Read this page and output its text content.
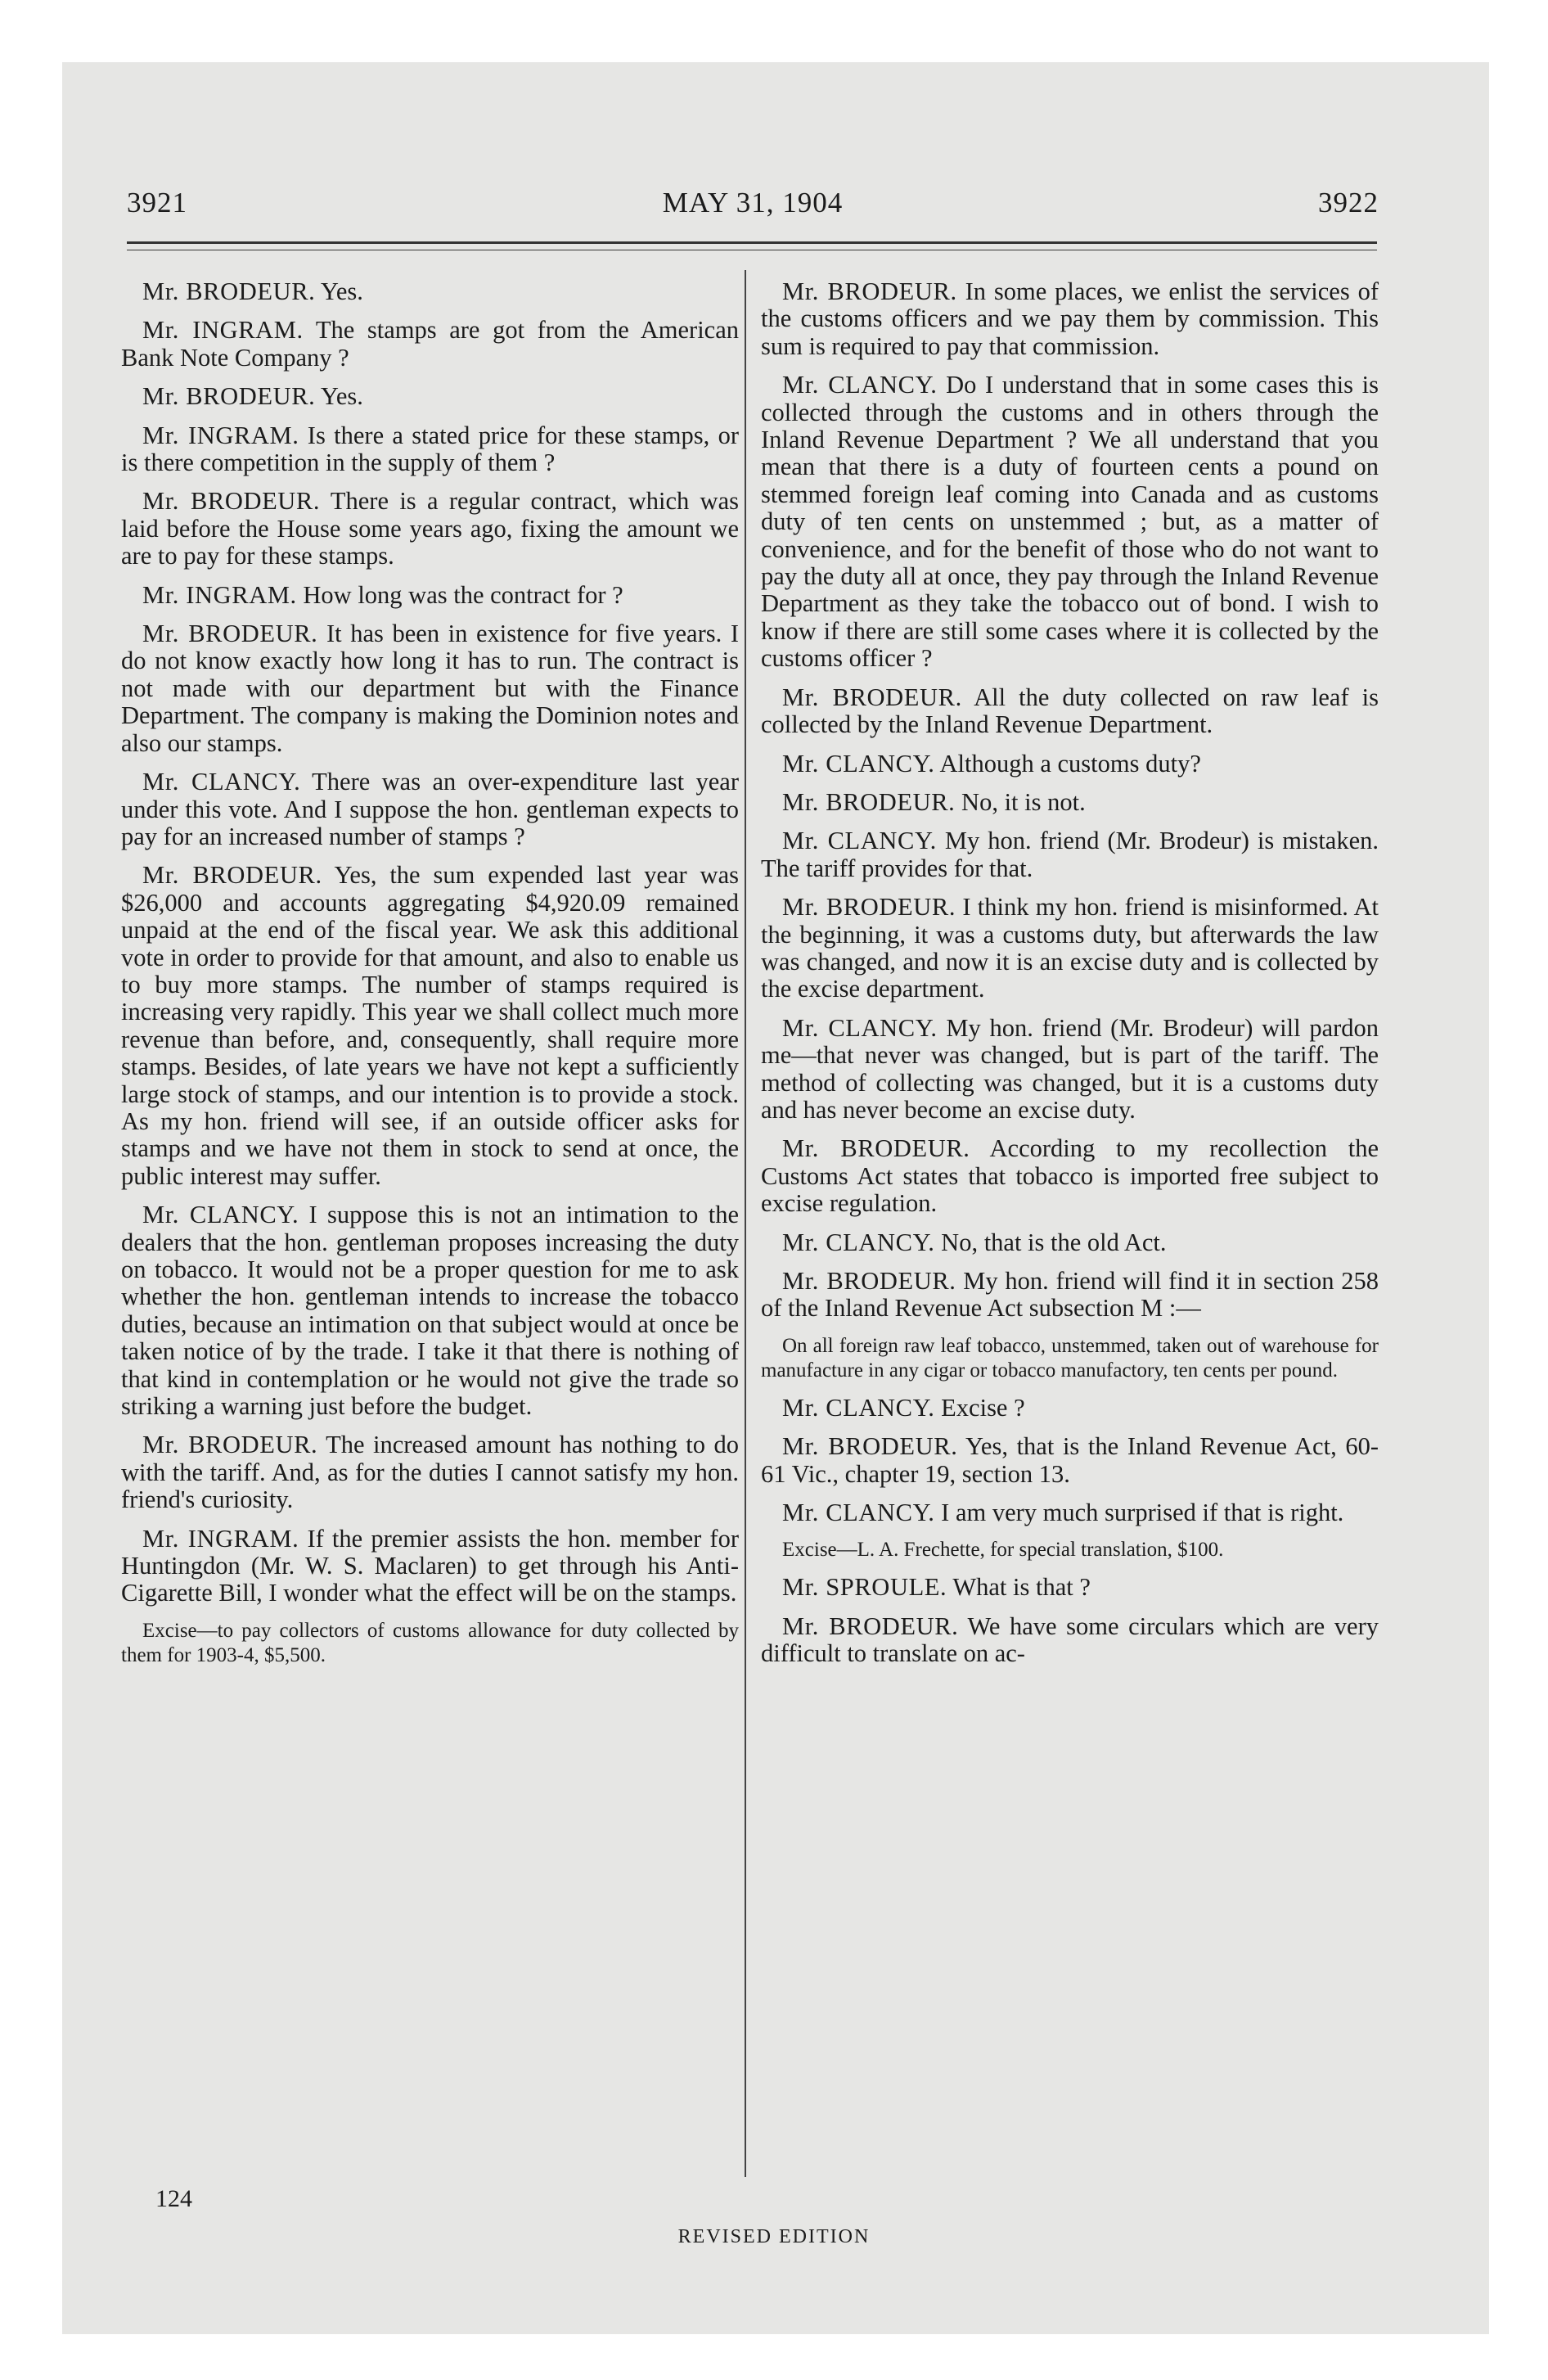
3921	MAY 31, 1904	3922

Mr. BRODEUR. Yes.

Mr. INGRAM. The stamps are got from the American Bank Note Company ?

Mr. BRODEUR. Yes.

Mr. INGRAM. Is there a stated price for these stamps, or is there competition in the supply of them ?

Mr. BRODEUR. There is a regular contract, which was laid before the House some years ago, fixing the amount we are to pay for these stamps.

Mr. INGRAM. How long was the contract for ?

Mr. BRODEUR. It has been in existence for five years. I do not know exactly how long it has to run. The contract is not made with our department but with the Finance Department. The company is making the Dominion notes and also our stamps.

Mr. CLANCY. There was an over-expenditure last year under this vote. And I suppose the hon. gentleman expects to pay for an increased number of stamps ?

Mr. BRODEUR. Yes, the sum expended last year was $26,000 and accounts aggregating $4,920.09 remained unpaid at the end of the fiscal year. We ask this additional vote in order to provide for that amount, and also to enable us to buy more stamps. The number of stamps required is increasing very rapidly. This year we shall collect much more revenue than before, and, consequently, shall require more stamps. Besides, of late years we have not kept a sufficiently large stock of stamps, and our intention is to provide a stock. As my hon. friend will see, if an outside officer asks for stamps and we have not them in stock to send at once, the public interest may suffer.

Mr. CLANCY. I suppose this is not an intimation to the dealers that the hon. gentleman proposes increasing the duty on tobacco. It would not be a proper question for me to ask whether the hon. gentleman intends to increase the tobacco duties, because an intimation on that subject would at once be taken notice of by the trade. I take it that there is nothing of that kind in contemplation or he would not give the trade so striking a warning just before the budget.

Mr. BRODEUR. The increased amount has nothing to do with the tariff. And, as for the duties I cannot satisfy my hon. friend's curiosity.

Mr. INGRAM. If the premier assists the hon. member for Huntingdon (Mr. W. S. Maclaren) to get through his Anti-Cigarette Bill, I wonder what the effect will be on the stamps.

Excise—to pay collectors of customs allowance for duty collected by them for 1903-4, $5,500.

Mr. BRODEUR. In some places, we enlist the services of the customs officers and we pay them by commission. This sum is required to pay that commission.

Mr. CLANCY. Do I understand that in some cases this is collected through the customs and in others through the Inland Revenue Department ? We all understand that you mean that there is a duty of fourteen cents a pound on stemmed foreign leaf coming into Canada and as customs duty of ten cents on unstemmed ; but, as a matter of convenience, and for the benefit of those who do not want to pay the duty all at once, they pay through the Inland Revenue Department as they take the tobacco out of bond. I wish to know if there are still some cases where it is collected by the customs officer ?

Mr. BRODEUR. All the duty collected on raw leaf is collected by the Inland Revenue Department.

Mr. CLANCY. Although a customs duty?

Mr. BRODEUR. No, it is not.

Mr. CLANCY. My hon. friend (Mr. Brodeur) is mistaken. The tariff provides for that.

Mr. BRODEUR. I think my hon. friend is misinformed. At the beginning, it was a customs duty, but afterwards the law was changed, and now it is an excise duty and is collected by the excise department.

Mr. CLANCY. My hon. friend (Mr. Brodeur) will pardon me—that never was changed, but is part of the tariff. The method of collecting was changed, but it is a customs duty and has never become an excise duty.

Mr. BRODEUR. According to my recollection the Customs Act states that tobacco is imported free subject to excise regulation.

Mr. CLANCY. No, that is the old Act.

Mr. BRODEUR. My hon. friend will find it in section 258 of the Inland Revenue Act subsection M :—

On all foreign raw leaf tobacco, unstemmed, taken out of warehouse for manufacture in any cigar or tobacco manufactory, ten cents per pound.

Mr. CLANCY. Excise ?

Mr. BRODEUR. Yes, that is the Inland Revenue Act, 60-61 Vic., chapter 19, section 13.

Mr. CLANCY. I am very much surprised if that is right.

Excise—L. A. Frechette, for special translation, $100.

Mr. SPROULE. What is that ?

Mr. BRODEUR. We have some circulars which are very difficult to translate on ac-

124
REVISED EDITION
